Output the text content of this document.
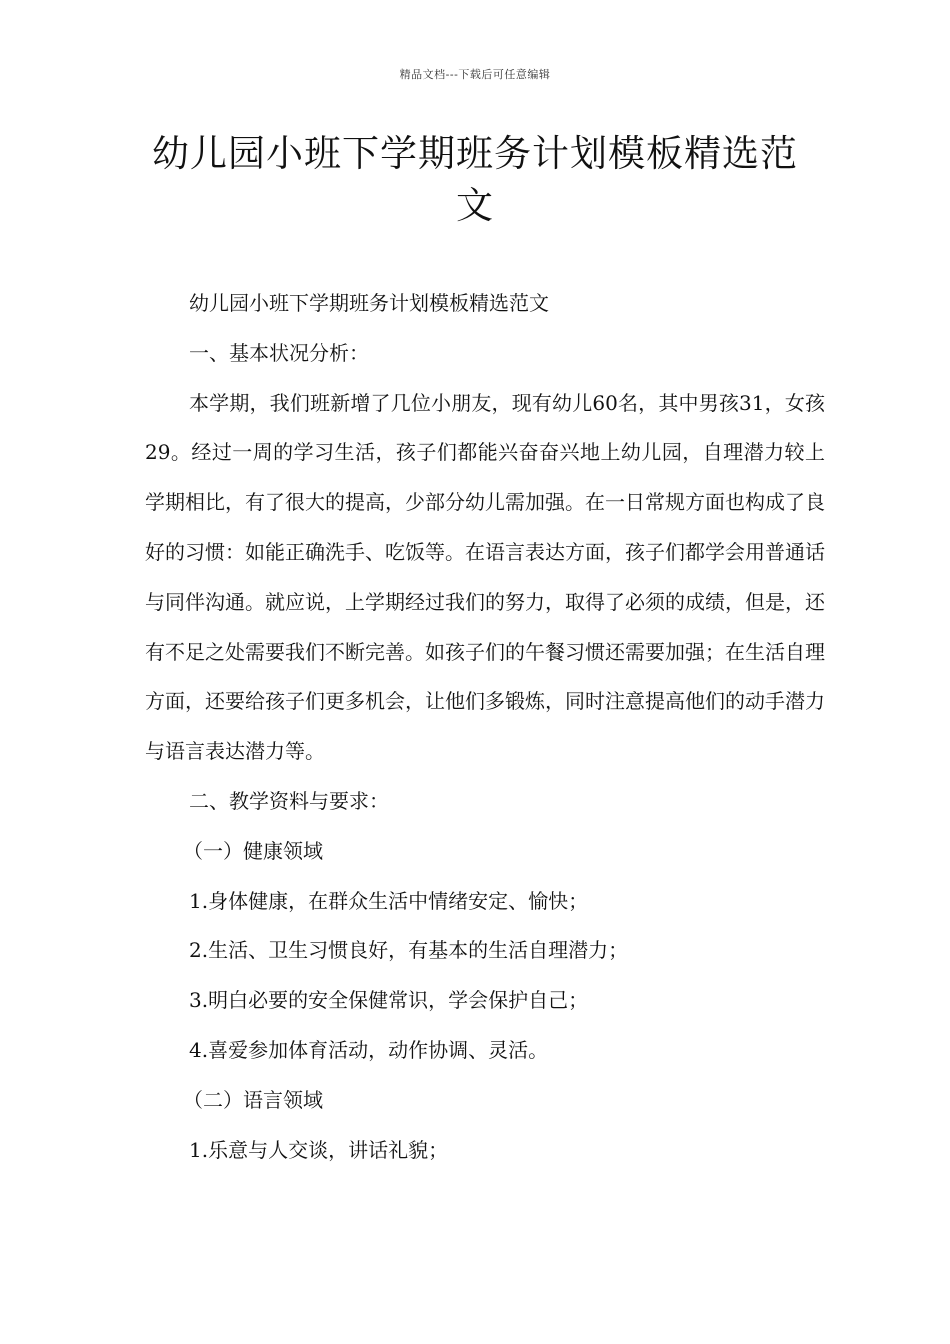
精品文档---下载后可任意编辑
幼儿园小班下学期班务计划模板精选范文

幼儿园小班下学期班务计划模板精选范文

一、基本状况分析：

本学期，我们班新增了几位小朋友，现有幼儿60名，其中男孩31，女孩29。经过一周的学习生活，孩子们都能兴奋奋兴地上幼儿园，自理潜力较上学期相比，有了很大的提高，少部分幼儿需加强。在一日常规方面也构成了良好的习惯：如能正确洗手、吃饭等。在语言表达方面，孩子们都学会用普通话与同伴沟通。就应说，上学期经过我们的努力，取得了必须的成绩，但是，还有不足之处需要我们不断完善。如孩子们的午餐习惯还需要加强；在生活自理方面，还要给孩子们更多机会，让他们多锻炼，同时注意提高他们的动手潜力与语言表达潜力等。

二、教学资料与要求：

（一）健康领域

1.身体健康，在群众生活中情绪安定、愉快；

2.生活、卫生习惯良好，有基本的生活自理潜力；

3.明白必要的安全保健常识，学会保护自己；

4.喜爱参加体育活动，动作协调、灵活。

（二）语言领域

1.乐意与人交谈，讲话礼貌；
